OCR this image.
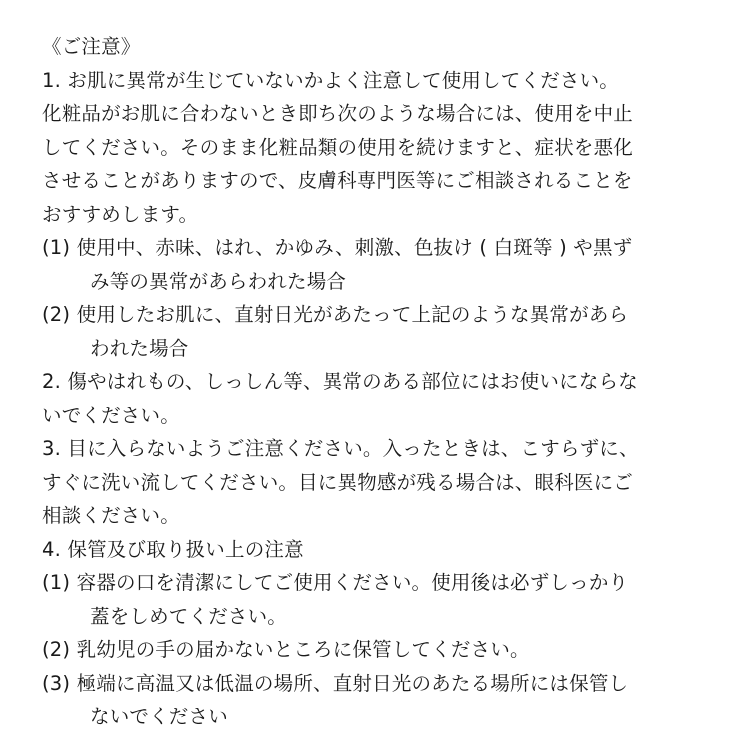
《ご注意》
1. お肌に異常が生じていないかよく注意して使用してください。
化粧品がお肌に合わないとき即ち次のような場合には、使用を中止
してください。そのまま化粧品類の使用を続けますと、症状を悪化
させることがありますので、皮膚科専門医等にご相談されることを
おすすめします。
(1) 使用中、赤味、はれ、かゆみ、刺激、色抜け ( 白斑等 ) や黒ず
み等の異常があらわれた場合
(2) 使用したお肌に、直射日光があたって上記のような異常があら
われた場合
2. 傷やはれもの、しっしん等、異常のある部位にはお使いにならな
いでください。
3. 目に入らないようご注意ください。入ったときは、こすらずに、
すぐに洗い流してください。目に異物感が残る場合は、眼科医にご
相談ください。
4. 保管及び取り扱い上の注意
(1) 容器の口を清潔にしてご使用ください。使用後は必ずしっかり
蓋をしめてください。
(2) 乳幼児の手の届かないところに保管してください。
(3) 極端に高温又は低温の場所、直射日光のあたる場所には保管し
ないでください
